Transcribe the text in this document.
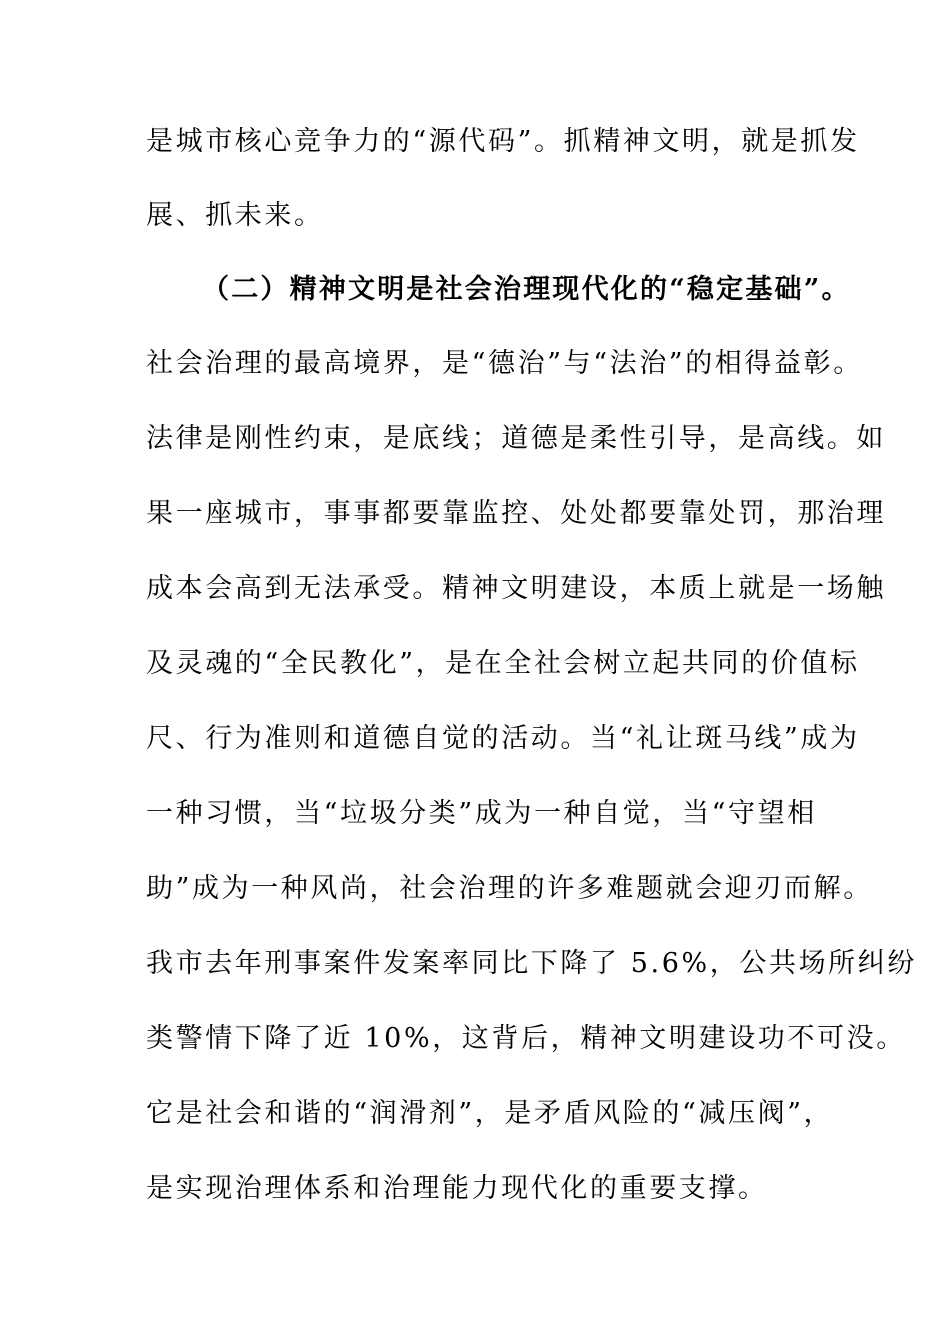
是城市核心竞争力的“源代码”。抓精神文明，就是抓发
展、抓未来。
（二）精神文明是社会治理现代化的“稳定基础”。
社会治理的最高境界，是“德治”与“法治”的相得益彰。
法律是刚性约束，是底线；道德是柔性引导，是高线。如
果一座城市，事事都要靠监控、处处都要靠处罚，那治理
成本会高到无法承受。精神文明建设，本质上就是一场触
及灵魂的“全民教化”，是在全社会树立起共同的价值标
尺、行为准则和道德自觉的活动。当“礼让斑马线”成为
一种习惯，当“垃圾分类”成为一种自觉，当“守望相
助”成为一种风尚，社会治理的许多难题就会迎刃而解。
我市去年刑事案件发案率同比下降了 5.6%，公共场所纠纷
类警情下降了近 10%，这背后，精神文明建设功不可没。
它是社会和谐的“润滑剂”，是矛盾风险的“减压阀”，
是实现治理体系和治理能力现代化的重要支撑。
